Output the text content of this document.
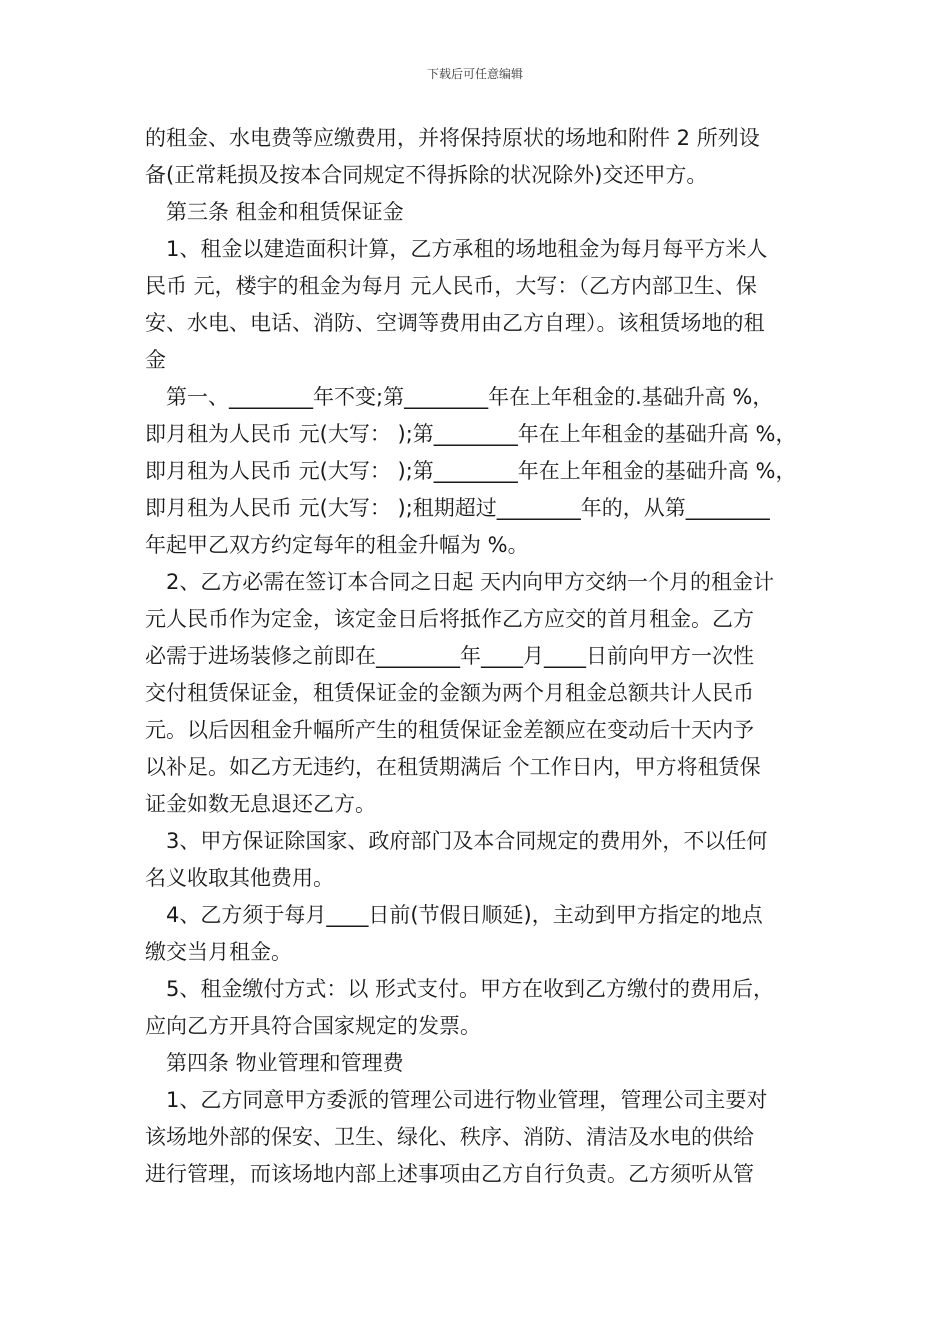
下载后可任意编辑
的租金、水电费等应缴费用，并将保持原状的场地和附件 2 所列设
备(正常耗损及按本合同规定不得拆除的状况除外)交还甲方。
　第三条 租金和租赁保证金
　1、租金以建造面积计算，乙方承租的场地租金为每月每平方米人
民币 元，楼宇的租金为每月 元人民币，大写：（乙方内部卫生、保
安、水电、电话、消防、空调等费用由乙方自理）。该租赁场地的租
金
　第一、________年不变;第________年在上年租金的.基础升高 %，
即月租为人民币 元(大写： );第________年在上年租金的基础升高 %，
即月租为人民币 元(大写： );第________年在上年租金的基础升高 %，
即月租为人民币 元(大写： );租期超过________年的，从第________
年起甲乙双方约定每年的租金升幅为 %。
　2、乙方必需在签订本合同之日起 天内向甲方交纳一个月的租金计
元人民币作为定金，该定金日后将抵作乙方应交的首月租金。乙方
必需于进场装修之前即在________年____月____日前向甲方一次性
交付租赁保证金，租赁保证金的金额为两个月租金总额共计人民币
元。以后因租金升幅所产生的租赁保证金差额应在变动后十天内予
以补足。如乙方无违约，在租赁期满后 个工作日内，甲方将租赁保
证金如数无息退还乙方。
　3、甲方保证除国家、政府部门及本合同规定的费用外，不以任何
名义收取其他费用。
　4、乙方须于每月____日前(节假日顺延)，主动到甲方指定的地点
缴交当月租金。
　5、租金缴付方式：以 形式支付。甲方在收到乙方缴付的费用后，
应向乙方开具符合国家规定的发票。
　第四条 物业管理和管理费
　1、乙方同意甲方委派的管理公司进行物业管理，管理公司主要对
该场地外部的保安、卫生、绿化、秩序、消防、清洁及水电的供给
进行管理，而该场地内部上述事项由乙方自行负责。乙方须听从管
